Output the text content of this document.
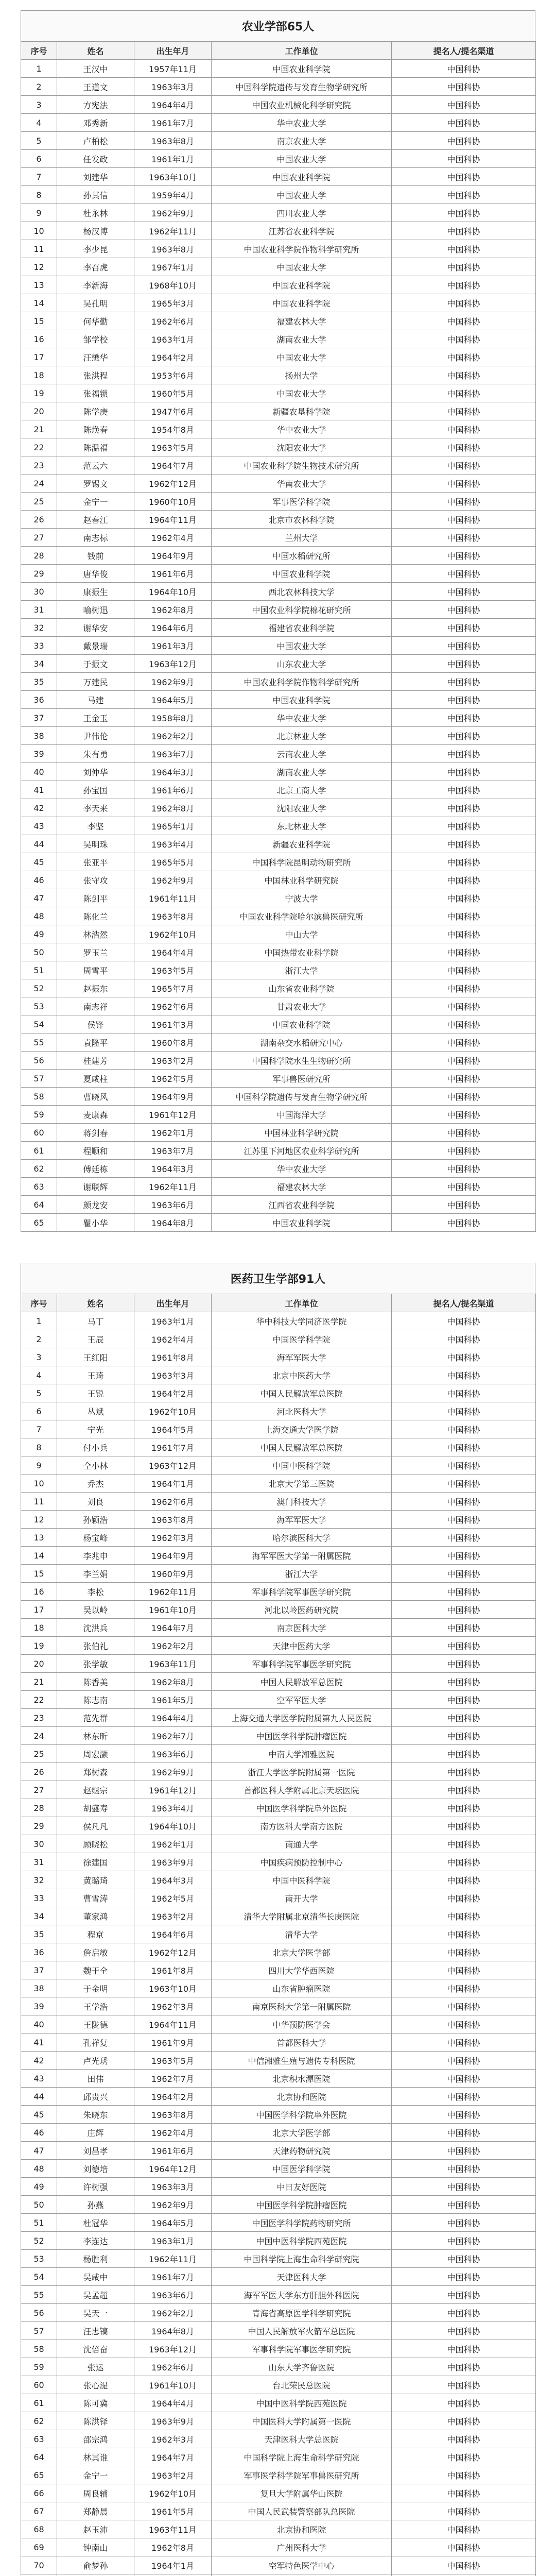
农业学部65人
序号	姓名	出生年月	工作单位	提名人/提名渠道
1	王汉中	1957年11月	中国农业科学院	中国科协
2	王道文	1963年3月	中国科学院遗传与发育生物学研究所	中国科协
3	方宪法	1964年4月	中国农业机械化科学研究院	中国科协
4	邓秀新	1961年7月	华中农业大学	中国科协
5	卢柏松	1963年8月	南京农业大学	中国科协
6	任发政	1961年1月	中国农业大学	中国科协
7	刘建华	1963年10月	中国农业科学院	中国科协
8	孙其信	1959年4月	中国农业大学	中国科协
9	杜永林	1962年9月	四川农业大学	中国科协
10	杨汉博	1962年11月	江苏省农业科学院	中国科协
11	李少昆	1963年8月	中国农业科学院作物科学研究所	中国科协
12	李召虎	1967年1月	中国农业大学	中国科协
13	李新海	1968年10月	中国农业科学院	中国科协
14	吴孔明	1965年3月	中国农业科学院	中国科协
15	何华勤	1962年6月	福建农林大学	中国科协
16	邹学校	1963年1月	湖南农业大学	中国科协
17	汪懋华	1964年2月	中国农业大学	中国科协
18	张洪程	1953年6月	扬州大学	中国科协
19	张福锁	1960年5月	中国农业大学	中国科协
20	陈学庚	1947年6月	新疆农垦科学院	中国科协
21	陈焕春	1954年8月	华中农业大学	中国科协
22	陈温福	1963年5月	沈阳农业大学	中国科协
23	范云六	1964年7月	中国农业科学院生物技术研究所	中国科协
24	罗锡文	1962年12月	华南农业大学	中国科协
25	金宁一	1960年10月	军事医学科学院	中国科协
26	赵春江	1964年11月	北京市农林科学院	中国科协
27	南志标	1962年4月	兰州大学	中国科协
28	钱前	1964年9月	中国水稻研究所	中国科协
29	唐华俊	1961年6月	中国农业科学院	中国科协
30	康振生	1964年10月	西北农林科技大学	中国科协
31	喻树迅	1962年8月	中国农业科学院棉花研究所	中国科协
32	谢华安	1964年6月	福建省农业科学院	中国科协
33	戴景瑞	1961年3月	中国农业大学	中国科协
34	于振文	1963年12月	山东农业大学	中国科协
35	万建民	1962年9月	中国农业科学院作物科学研究所	中国科协
36	马建	1964年5月	中国农业科学院	中国科协
37	王金玉	1958年8月	华中农业大学	中国科协
38	尹伟伦	1962年2月	北京林业大学	中国科协
39	朱有勇	1963年7月	云南农业大学	中国科协
40	刘仲华	1964年3月	湖南农业大学	中国科协
41	孙宝国	1961年6月	北京工商大学	中国科协
42	李天来	1962年8月	沈阳农业大学	中国科协
43	李坚	1965年1月	东北林业大学	中国科协
44	吴明珠	1963年4月	新疆农业科学院	中国科协
45	张亚平	1965年5月	中国科学院昆明动物研究所	中国科协
46	张守攻	1962年9月	中国林业科学研究院	中国科协
47	陈剑平	1961年11月	宁波大学	中国科协
48	陈化兰	1963年8月	中国农业科学院哈尔滨兽医研究所	中国科协
49	林浩然	1962年10月	中山大学	中国科协
50	罗玉兰	1964年4月	中国热带农业科学院	中国科协
51	周雪平	1963年5月	浙江大学	中国科协
52	赵振东	1965年7月	山东省农业科学院	中国科协
53	南志祥	1962年6月	甘肃农业大学	中国科协
54	侯锋	1961年3月	中国农业科学院	中国科协
55	袁隆平	1960年8月	湖南杂交水稻研究中心	中国科协
56	桂建芳	1963年2月	中国科学院水生生物研究所	中国科协
57	夏咸柱	1962年5月	军事兽医研究所	中国科协
58	曹晓风	1964年9月	中国科学院遗传与发育生物学研究所	中国科协
59	麦康森	1961年12月	中国海洋大学	中国科协
60	蒋剑春	1962年1月	中国林业科学研究院	中国科协
61	程顺和	1963年7月	江苏里下河地区农业科学研究所	中国科协
62	傅廷栋	1964年3月	华中农业大学	中国科协
63	谢联辉	1962年11月	福建农林大学	中国科协
64	颜龙安	1963年6月	江西省农业科学院	中国科协
65	瞿小华	1964年8月	中国农业科学院	中国科协
医药卫生学部91人
序号	姓名	出生年月	工作单位	提名人/提名渠道
1	马丁	1963年1月	华中科技大学同济医学院	中国科协
2	王辰	1962年4月	中国医学科学院	中国科协
3	王红阳	1961年8月	海军军医大学	中国科协
4	王琦	1963年3月	北京中医药大学	中国科协
5	王锐	1964年2月	中国人民解放军总医院	中国科协
6	丛斌	1962年10月	河北医科大学	中国科协
7	宁光	1964年5月	上海交通大学医学院	中国科协
8	付小兵	1961年7月	中国人民解放军总医院	中国科协
9	仝小林	1963年12月	中国中医科学院	中国科协
10	乔杰	1964年1月	北京大学第三医院	中国科协
11	刘良	1962年6月	澳门科技大学	中国科协
12	孙颖浩	1963年8月	海军军医大学	中国科协
13	杨宝峰	1962年3月	哈尔滨医科大学	中国科协
14	李兆申	1964年9月	海军军医大学第一附属医院	中国科协
15	李兰娟	1960年9月	浙江大学	中国科协
16	李松	1962年11月	军事科学院军事医学研究院	中国科协
17	吴以岭	1961年10月	河北以岭医药研究院	中国科协
18	沈洪兵	1964年7月	南京医科大学	中国科协
19	张伯礼	1962年2月	天津中医药大学	中国科协
20	张学敏	1963年11月	军事科学院军事医学研究院	中国科协
21	陈香美	1962年8月	中国人民解放军总医院	中国科协
22	陈志南	1961年5月	空军军医大学	中国科协
23	范先群	1964年4月	上海交通大学医学院附属第九人民医院	中国科协
24	林东昕	1962年7月	中国医学科学院肿瘤医院	中国科协
25	周宏灏	1963年6月	中南大学湘雅医院	中国科协
26	郑树森	1962年9月	浙江大学医学院附属第一医院	中国科协
27	赵继宗	1961年12月	首都医科大学附属北京天坛医院	中国科协
28	胡盛寿	1963年4月	中国医学科学院阜外医院	中国科协
29	侯凡凡	1964年10月	南方医科大学南方医院	中国科协
30	顾晓松	1962年1月	南通大学	中国科协
31	徐建国	1963年9月	中国疾病预防控制中心	中国科协
32	黄璐琦	1964年3月	中国中医科学院	中国科协
33	曹雪涛	1962年5月	南开大学	中国科协
34	董家鸿	1963年2月	清华大学附属北京清华长庚医院	中国科协
35	程京	1964年6月	清华大学	中国科协
36	詹启敏	1962年12月	北京大学医学部	中国科协
37	魏于全	1961年8月	四川大学华西医院	中国科协
38	于金明	1963年10月	山东省肿瘤医院	中国科协
39	王学浩	1962年3月	南京医科大学第一附属医院	中国科协
40	王陇德	1964年11月	中华预防医学会	中国科协
41	孔祥复	1961年9月	首都医科大学	中国科协
42	卢光琇	1963年5月	中信湘雅生殖与遗传专科医院	中国科协
43	田伟	1962年7月	北京积水潭医院	中国科协
44	邱贵兴	1964年2月	北京协和医院	中国科协
45	朱晓东	1963年8月	中国医学科学院阜外医院	中国科协
46	庄辉	1962年4月	北京大学医学部	中国科协
47	刘昌孝	1961年6月	天津药物研究院	中国科协
48	刘德培	1964年12月	中国医学科学院	中国科协
49	许树强	1963年3月	中日友好医院	中国科协
50	孙燕	1962年9月	中国医学科学院肿瘤医院	中国科协
51	杜冠华	1964年5月	中国医学科学院药物研究所	中国科协
52	李连达	1963年1月	中国中医科学院西苑医院	中国科协
53	杨胜利	1962年11月	中国科学院上海生命科学研究院	中国科协
54	吴咸中	1961年7月	天津医科大学	中国科协
55	吴孟超	1963年6月	海军军医大学东方肝胆外科医院	中国科协
56	吴天一	1962年2月	青海省高原医学科学研究院	中国科协
57	汪忠镐	1964年8月	中国人民解放军火箭军总医院	中国科协
58	沈倍奋	1963年12月	军事科学院军事医学研究院	中国科协
59	张运	1962年6月	山东大学齐鲁医院	中国科协
60	张心湜	1961年10月	台北荣民总医院	中国科协
61	陈可冀	1964年4月	中国中医科学院西苑医院	中国科协
62	陈洪铎	1963年9月	中国医科大学附属第一医院	中国科协
63	邵宗鸿	1962年3月	天津医科大学总医院	中国科协
64	林其谁	1964年7月	中国科学院上海生命科学研究院	中国科协
65	金宁一	1963年2月	军事医学科学院军事兽医研究所	中国科协
66	周良辅	1962年10月	复旦大学附属华山医院	中国科协
67	郑静晨	1961年5月	中国人民武装警察部队总医院	中国科协
68	赵玉沛	1963年11月	北京协和医院	中国科协
69	钟南山	1962年8月	广州医科大学	中国科协
70	俞梦孙	1964年1月	空军特色医学中心	中国科协
